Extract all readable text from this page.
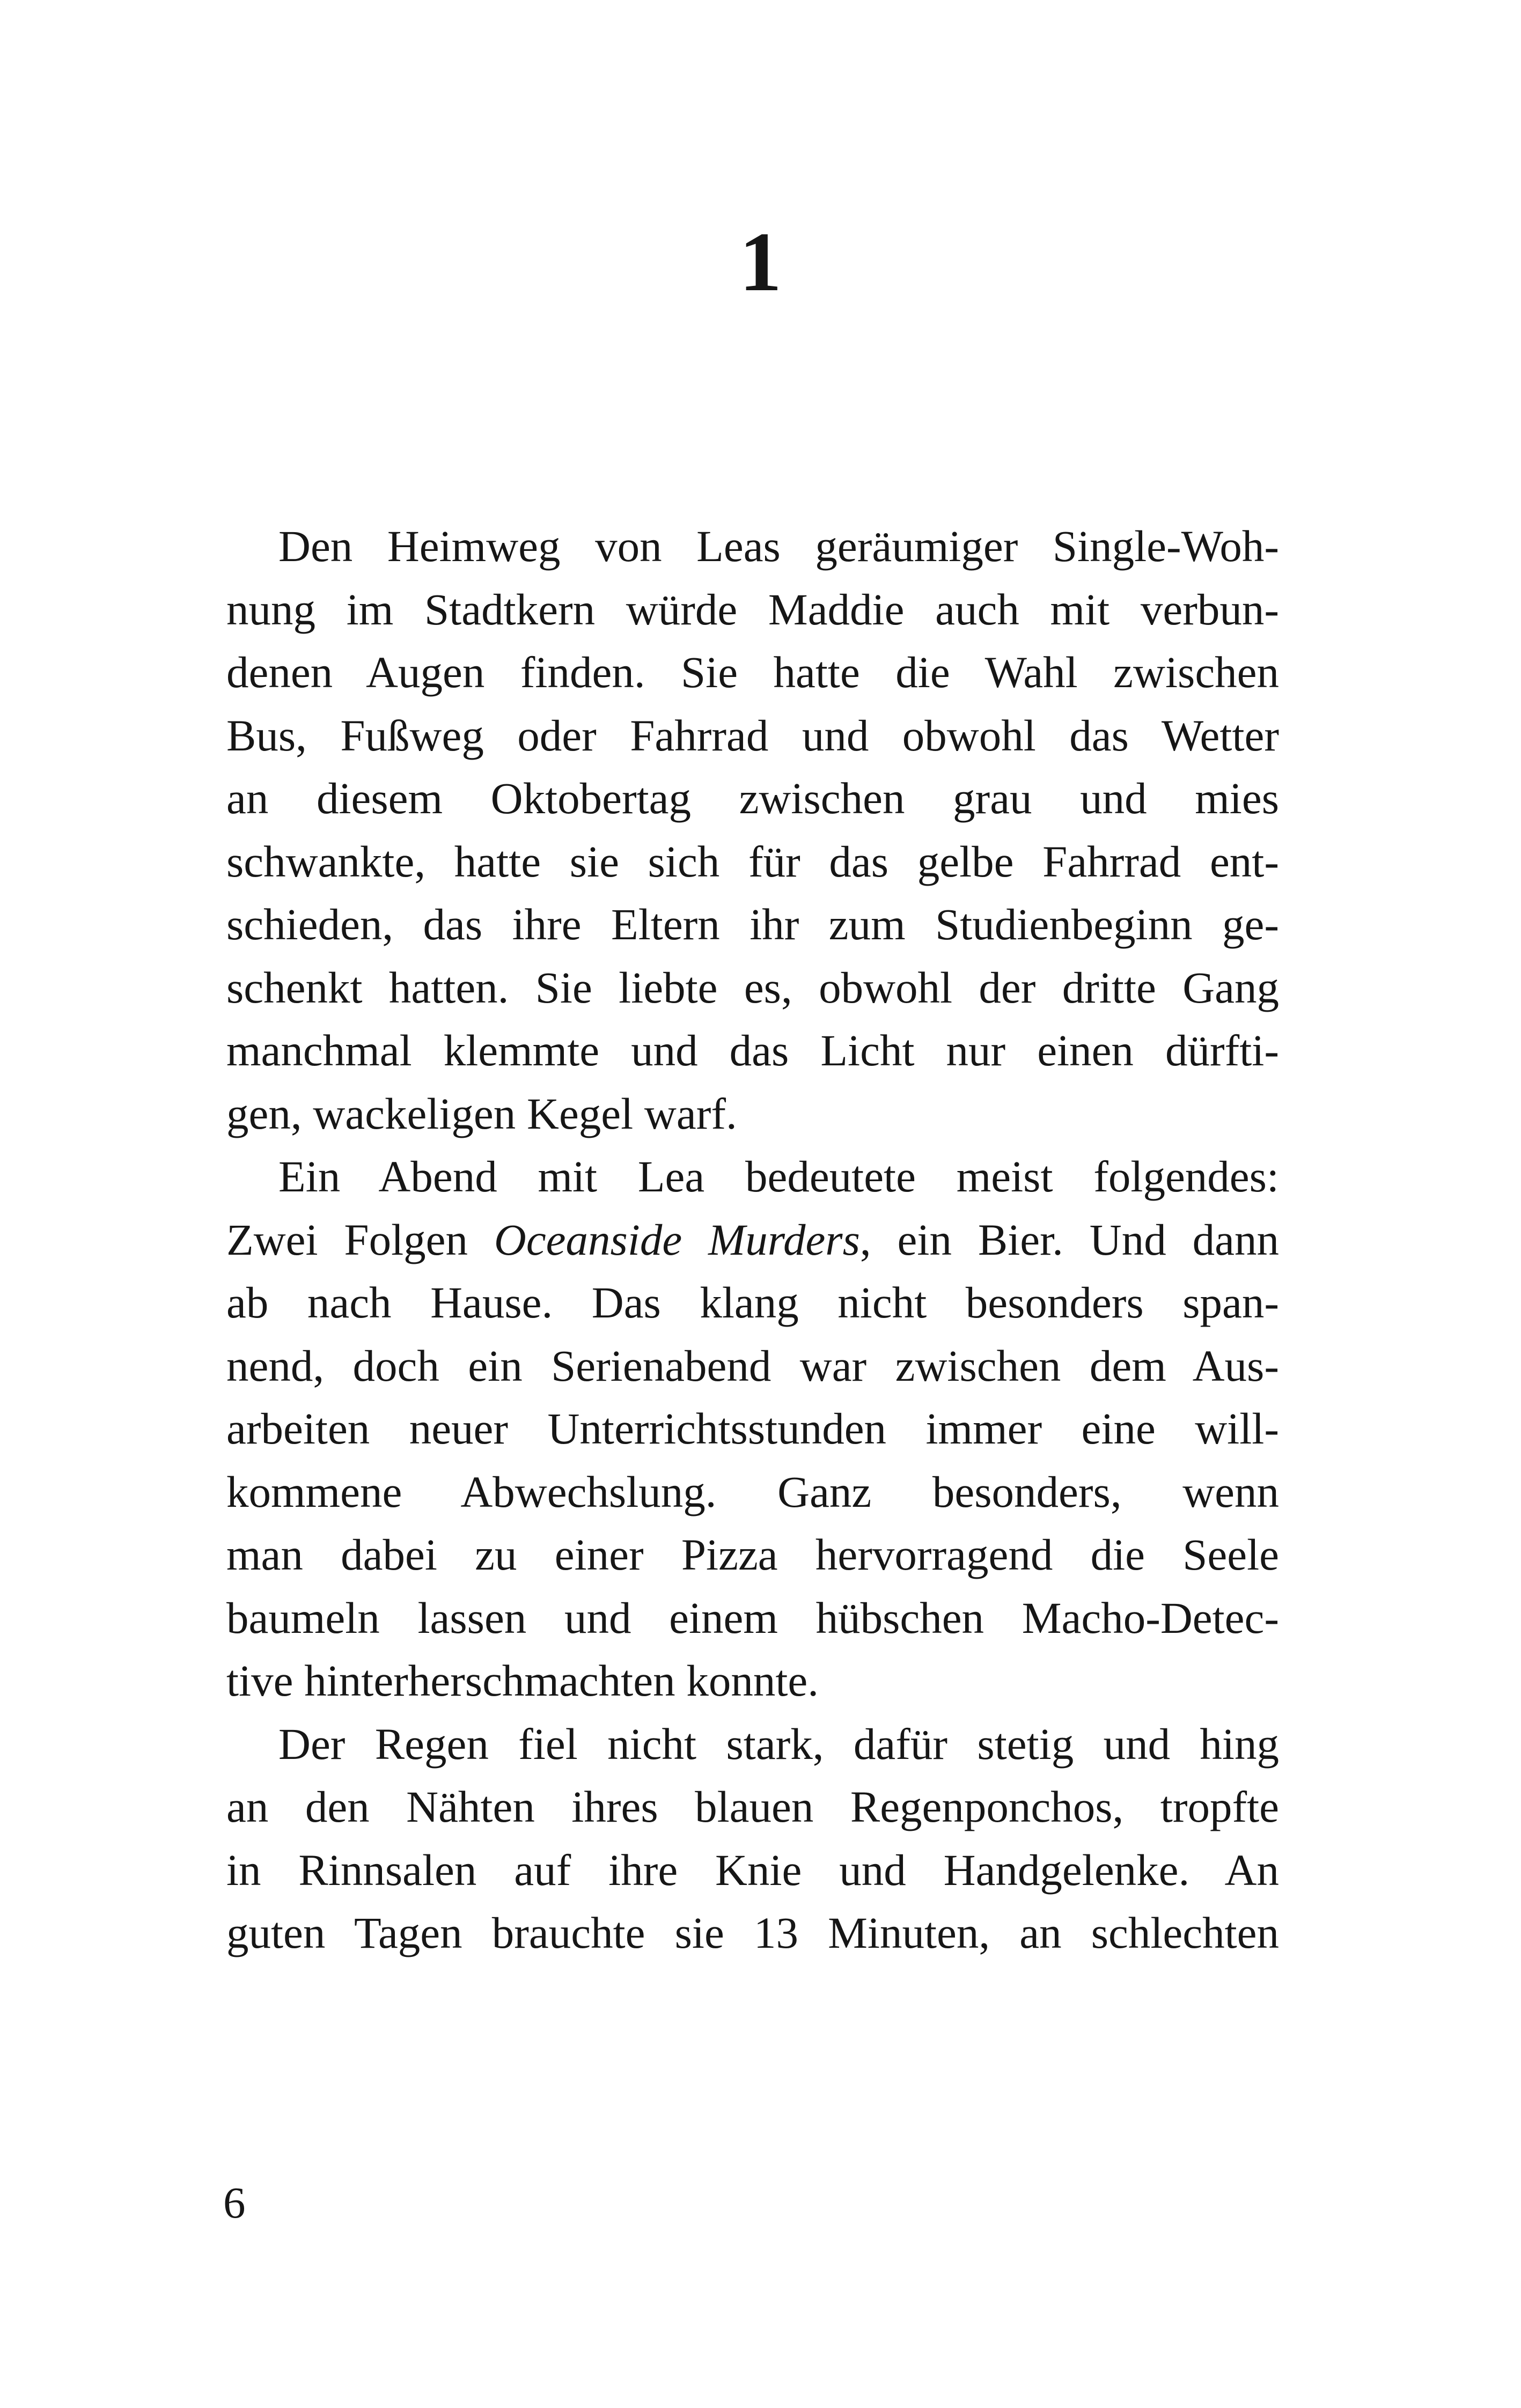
1
Den Heimweg von Leas geräumiger Single-Woh-
nung im Stadtkern würde Maddie auch mit verbun-
denen Augen finden. Sie hatte die Wahl zwischen
Bus, Fußweg oder Fahrrad und obwohl das Wetter
an diesem Oktobertag zwischen grau und mies
schwankte, hatte sie sich für das gelbe Fahrrad ent-
schieden, das ihre Eltern ihr zum Studienbeginn ge-
schenkt hatten. Sie liebte es, obwohl der dritte Gang
manchmal klemmte und das Licht nur einen dürfti-
gen, wackeligen Kegel warf.
Ein Abend mit Lea bedeutete meist folgendes:
Zwei Folgen Oceanside Murders, ein Bier. Und dann
ab nach Hause. Das klang nicht besonders span-
nend, doch ein Serienabend war zwischen dem Aus-
arbeiten neuer Unterrichtsstunden immer eine will-
kommene Abwechslung. Ganz besonders, wenn
man dabei zu einer Pizza hervorragend die Seele
baumeln lassen und einem hübschen Macho-Detec-
tive hinterherschmachten konnte.
Der Regen fiel nicht stark, dafür stetig und hing
an den Nähten ihres blauen Regenponchos, tropfte
in Rinnsalen auf ihre Knie und Handgelenke. An
guten Tagen brauchte sie 13 Minuten, an schlechten
6
